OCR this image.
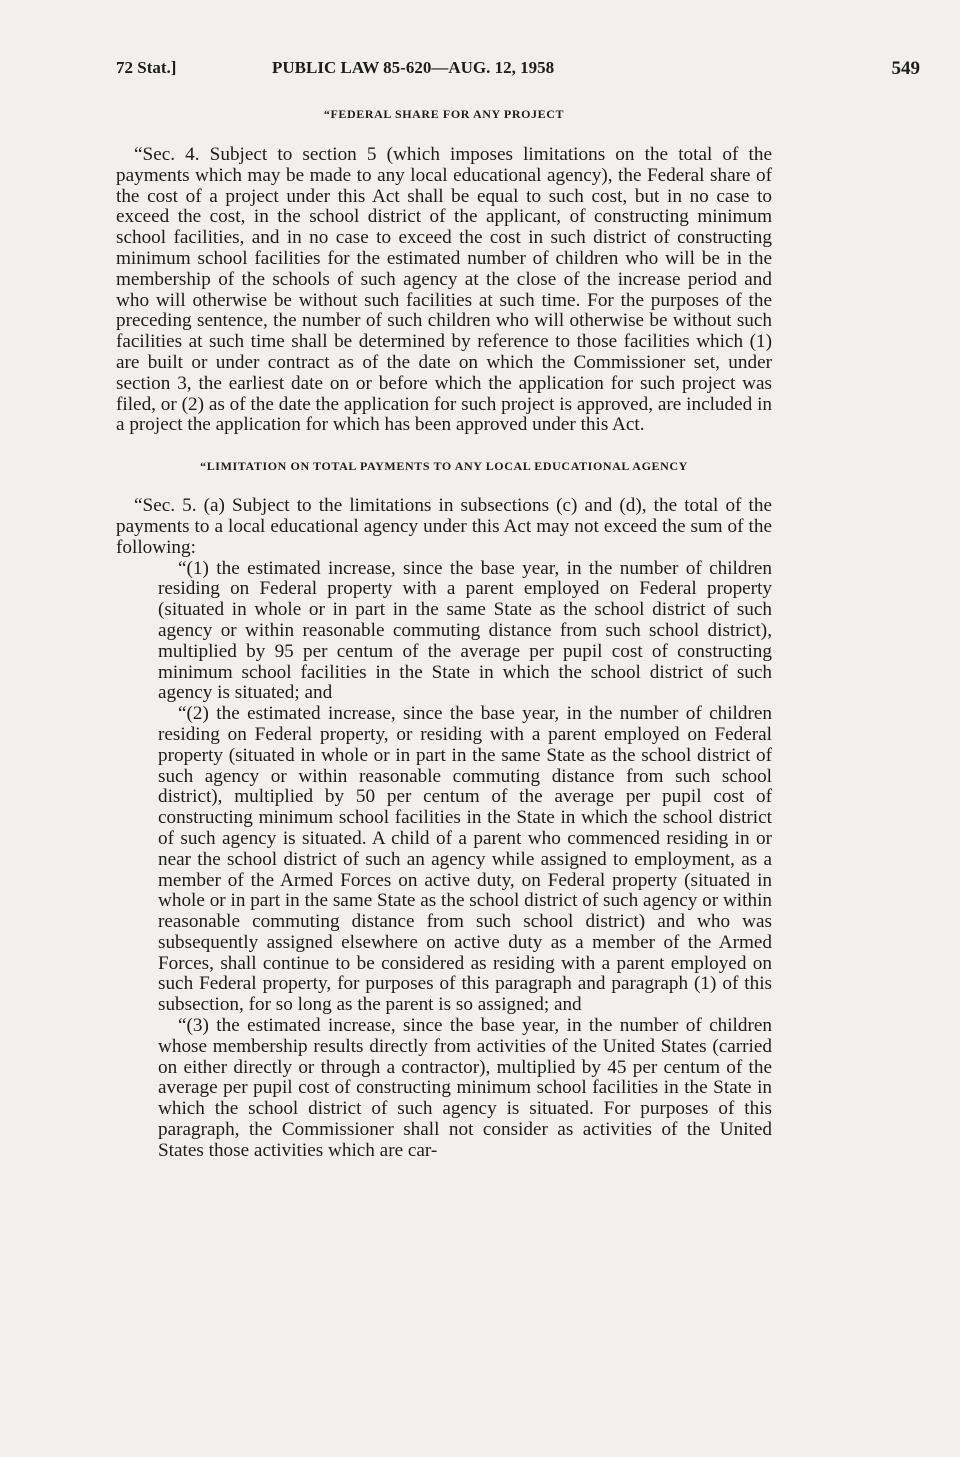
72 Stat.]	PUBLIC LAW 85-620—AUG. 12, 1958	549
“FEDERAL SHARE FOR ANY PROJECT

“Sec. 4. Subject to section 5 (which imposes limitations on the total of the payments which may be made to any local educational agency), the Federal share of the cost of a project under this Act shall be equal to such cost, but in no case to exceed the cost, in the school district of the applicant, of constructing minimum school facilities, and in no case to exceed the cost in such district of constructing minimum school facilities for the estimated number of children who will be in the membership of the schools of such agency at the close of the increase period and who will otherwise be without such facilities at such time. For the purposes of the preceding sentence, the number of such children who will otherwise be without such facilities at such time shall be determined by reference to those facilities which (1) are built or under contract as of the date on which the Commissioner set, under section 3, the earliest date on or before which the application for such project was filed, or (2) as of the date the application for such project is approved, are included in a project the application for which has been approved under this Act.

“LIMITATION ON TOTAL PAYMENTS TO ANY LOCAL EDUCATIONAL AGENCY

“Sec. 5. (a) Subject to the limitations in subsections (c) and (d), the total of the payments to a local educational agency under this Act may not exceed the sum of the following:

“(1) the estimated increase, since the base year, in the number of children residing on Federal property with a parent employed on Federal property (situated in whole or in part in the same State as the school district of such agency or within reasonable commuting distance from such school district), multiplied by 95 per centum of the average per pupil cost of constructing minimum school facilities in the State in which the school district of such agency is situated; and

“(2) the estimated increase, since the base year, in the number of children residing on Federal property, or residing with a parent employed on Federal property (situated in whole or in part in the same State as the school district of such agency or within reasonable commuting distance from such school district), multiplied by 50 per centum of the average per pupil cost of constructing minimum school facilities in the State in which the school district of such agency is situated. A child of a parent who commenced residing in or near the school district of such an agency while assigned to employment, as a member of the Armed Forces on active duty, on Federal property (situated in whole or in part in the same State as the school district of such agency or within reasonable commuting distance from such school district) and who was subsequently assigned elsewhere on active duty as a member of the Armed Forces, shall continue to be considered as residing with a parent employed on such Federal property, for purposes of this paragraph and paragraph (1) of this subsection, for so long as the parent is so assigned; and

“(3) the estimated increase, since the base year, in the number of children whose membership results directly from activities of the United States (carried on either directly or through a contractor), multiplied by 45 per centum of the average per pupil cost of constructing minimum school facilities in the State in which the school district of such agency is situated. For purposes of this paragraph, the Commissioner shall not consider as activities of the United States those activities which are car-
